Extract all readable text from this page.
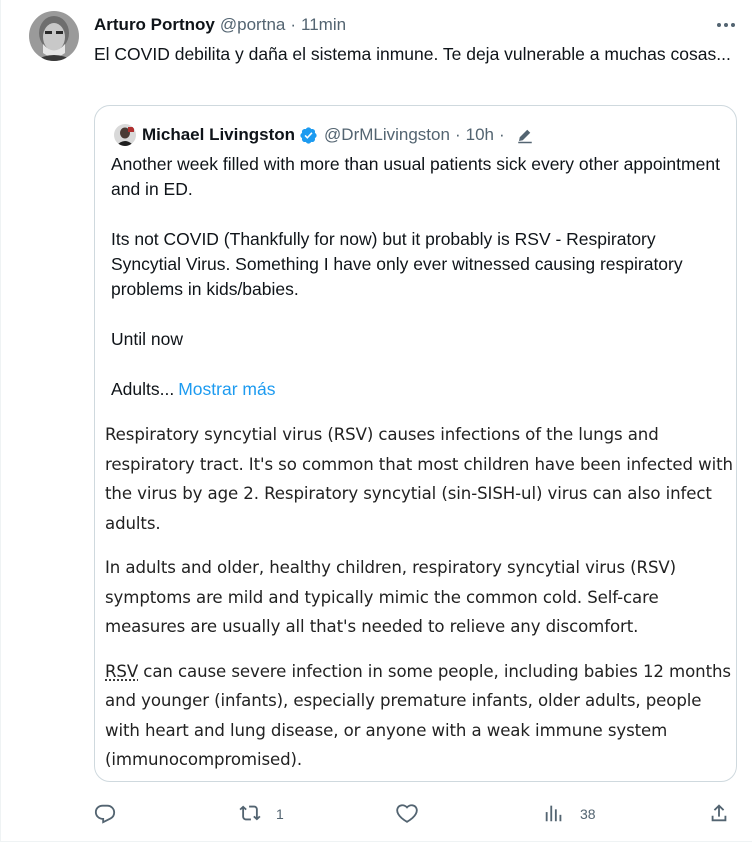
Arturo Portnoy @portna · 11min
El COVID debilita y daña el sistema inmune. Te deja vulnerable a muchas cosas...
Michael Livingston @DrMLivingston · 10h ·

Another week filled with more than usual patients sick every other appointment and in ED.

Its not COVID (Thankfully for now) but it probably is RSV - Respiratory Syncytial Virus. Something I have only ever witnessed causing respiratory problems in kids/babies.

Until now

Adults... Mostrar más

Respiratory syncytial virus (RSV) causes infections of the lungs and respiratory tract. It's so common that most children have been infected with the virus by age 2. Respiratory syncytial (sin-SISH-ul) virus can also infect adults.
In adults and older, healthy children, respiratory syncytial virus (RSV) symptoms are mild and typically mimic the common cold. Self-care measures are usually all that's needed to relieve any discomfort.
RSV can cause severe infection in some people, including babies 12 months and younger (infants), especially premature infants, older adults, people with heart and lung disease, or anyone with a weak immune system (immunocompromised).
1	38
